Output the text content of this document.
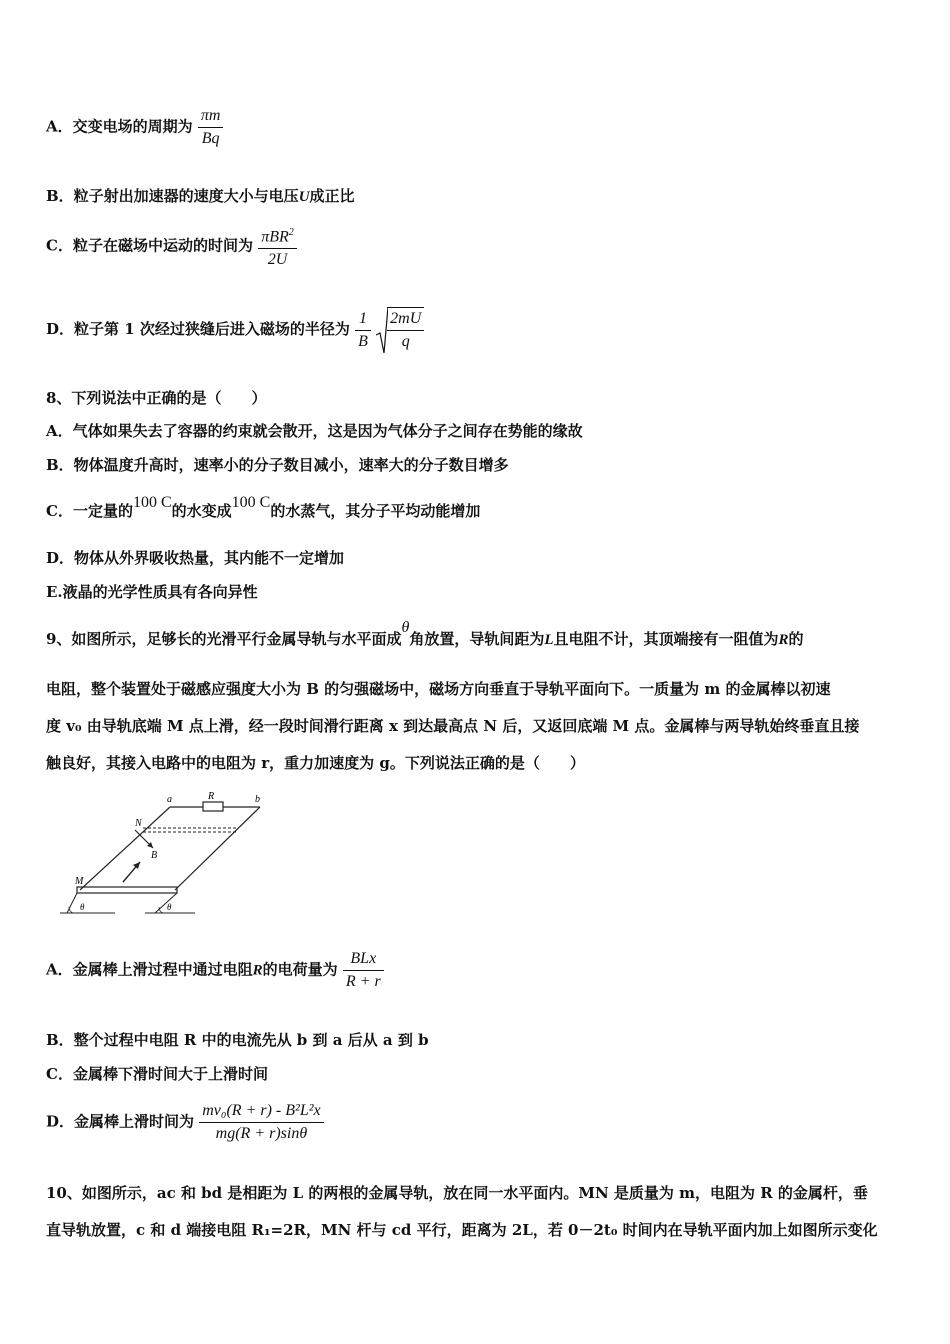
A．交变电场的周期为 $\frac{\pi m}{Bq}$
B．粒子射出加速器的速度大小与电压U成正比
C．粒子在磁场中运动的时间为 $\frac{\pi BR^2}{2U}$
D．粒子第 1 次经过狭缝后进入磁场的半径为 $\frac{1}{B}$
$\frac{2mU}{q}$
8、下列说法中正确的是（　　）
A．气体如果失去了容器的约束就会散开，这是因为气体分子之间存在势能的缘故
B．物体温度升高时，速率小的分子数目减小，速率大的分子数目增多
C．一定量的100 C的水变成100 C的水蒸气，其分子平均动能增加
D．物体从外界吸收热量，其内能不一定增加
E.液晶的光学性质具有各向异性
9、如图所示，足够长的光滑平行金属导轨与水平面成θ角放置，导轨间距为L且电阻不计，其顶端接有一阻值为R的
电阻，整个装置处于磁感应强度大小为 B 的匀强磁场中，磁场方向垂直于导轨平面向下。一质量为 m 的金属棒以初速
度 v₀ 由导轨底端 M 点上滑，经一段时间滑行距离 x 到达最高点 N 后，又返回底端 M 点。金属棒与两导轨始终垂直且接
触良好，其接入电路中的电阻为 r，重力加速度为 g。下列说法正确的是（　　）
a	R	b
N
B
M
θ	θ
A．金属棒上滑过程中通过电阻R的电荷量为 $\frac{\text{BLx}}{R + r}$
B．整个过程中电阻 R 中的电流先从 b 到 a 后从 a 到 b
C．金属棒下滑时间大于上滑时间
D．金属棒上滑时间为 $\frac{\text{mv₀(R + r) - B²L²x}}{mg(R + r)\sin\theta}$
10、如图所示，ac 和 bd 是相距为 L 的两根的金属导轨，放在同一水平面内。MN 是质量为 m，电阻为 R 的金属杆，垂
直导轨放置，c 和 d 端接电阻 R₁=2R，MN 杆与 cd 平行，距离为 2L，若 0－2t₀ 时间内在导轨平面内加上如图所示变化
